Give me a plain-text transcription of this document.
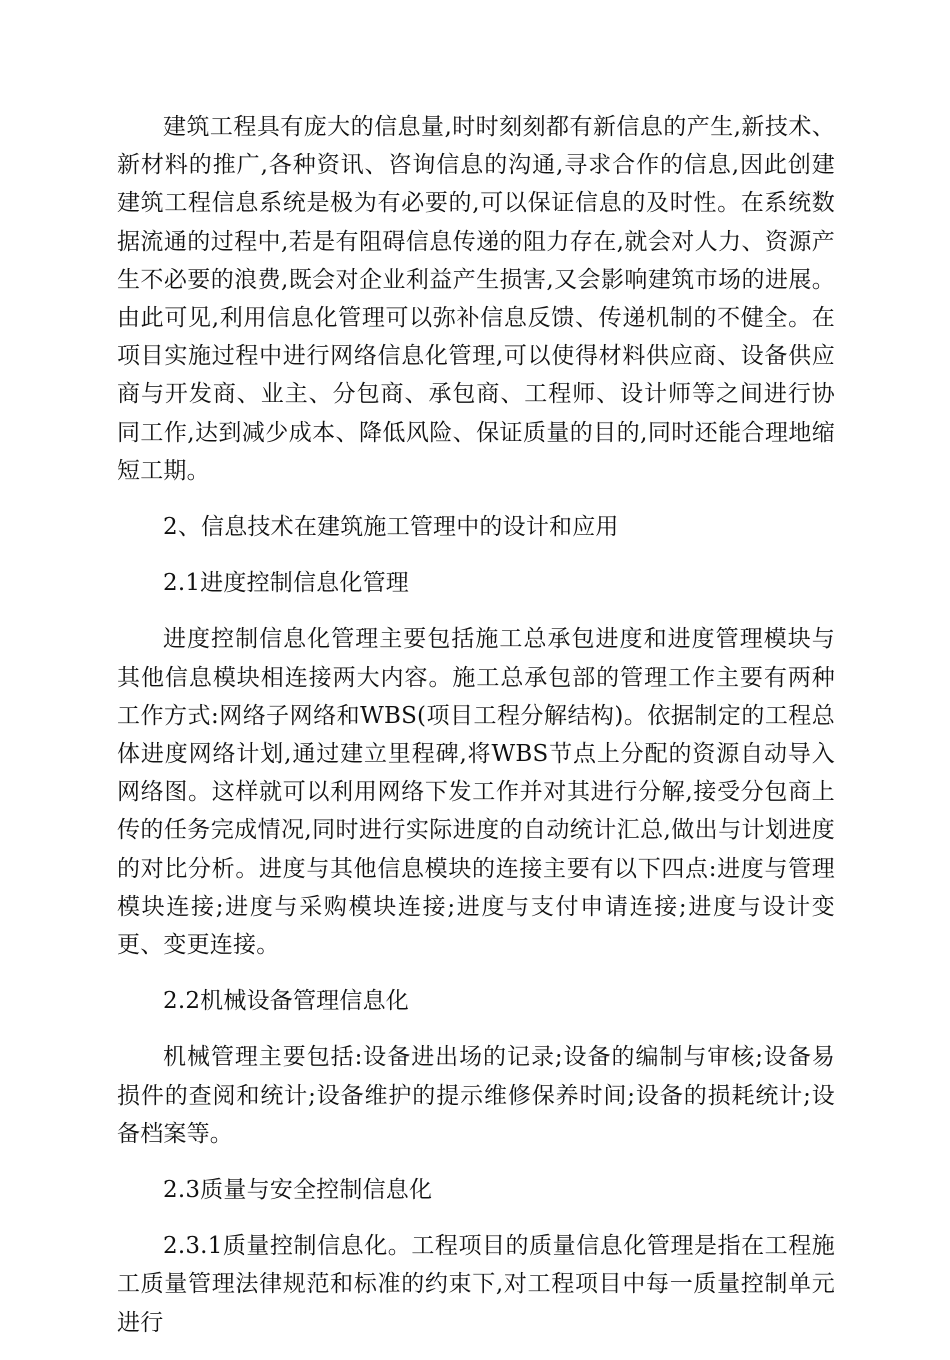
建筑工程具有庞大的信息量,时时刻刻都有新信息的产生,新技术、新材料的推广,各种资讯、咨询信息的沟通,寻求合作的信息,因此创建建筑工程信息系统是极为有必要的,可以保证信息的及时性。在系统数据流通的过程中,若是有阻碍信息传递的阻力存在,就会对人力、资源产生不必要的浪费,既会对企业利益产生损害,又会影响建筑市场的进展。由此可见,利用信息化管理可以弥补信息反馈、传递机制的不健全。在项目实施过程中进行网络信息化管理,可以使得材料供应商、设备供应商与开发商、业主、分包商、承包商、工程师、设计师等之间进行协同工作,达到减少成本、降低风险、保证质量的目的,同时还能合理地缩短工期。

2、信息技术在建筑施工管理中的设计和应用

2.1进度控制信息化管理

进度控制信息化管理主要包括施工总承包进度和进度管理模块与其他信息模块相连接两大内容。施工总承包部的管理工作主要有两种工作方式:网络子网络和WBS(项目工程分解结构)。依据制定的工程总体进度网络计划,通过建立里程碑,将WBS节点上分配的资源自动导入网络图。这样就可以利用网络下发工作并对其进行分解,接受分包商上传的任务完成情况,同时进行实际进度的自动统计汇总,做出与计划进度的对比分析。进度与其他信息模块的连接主要有以下四点:进度与管理模块连接;进度与采购模块连接;进度与支付申请连接;进度与设计变更、变更连接。

2.2机械设备管理信息化

机械管理主要包括:设备进出场的记录;设备的编制与审核;设备易损件的查阅和统计;设备维护的提示维修保养时间;设备的损耗统计;设备档案等。

2.3质量与安全控制信息化

2.3.1质量控制信息化。工程项目的质量信息化管理是指在工程施工质量管理法律规范和标准的约束下,对工程项目中每一质量控制单元进行
